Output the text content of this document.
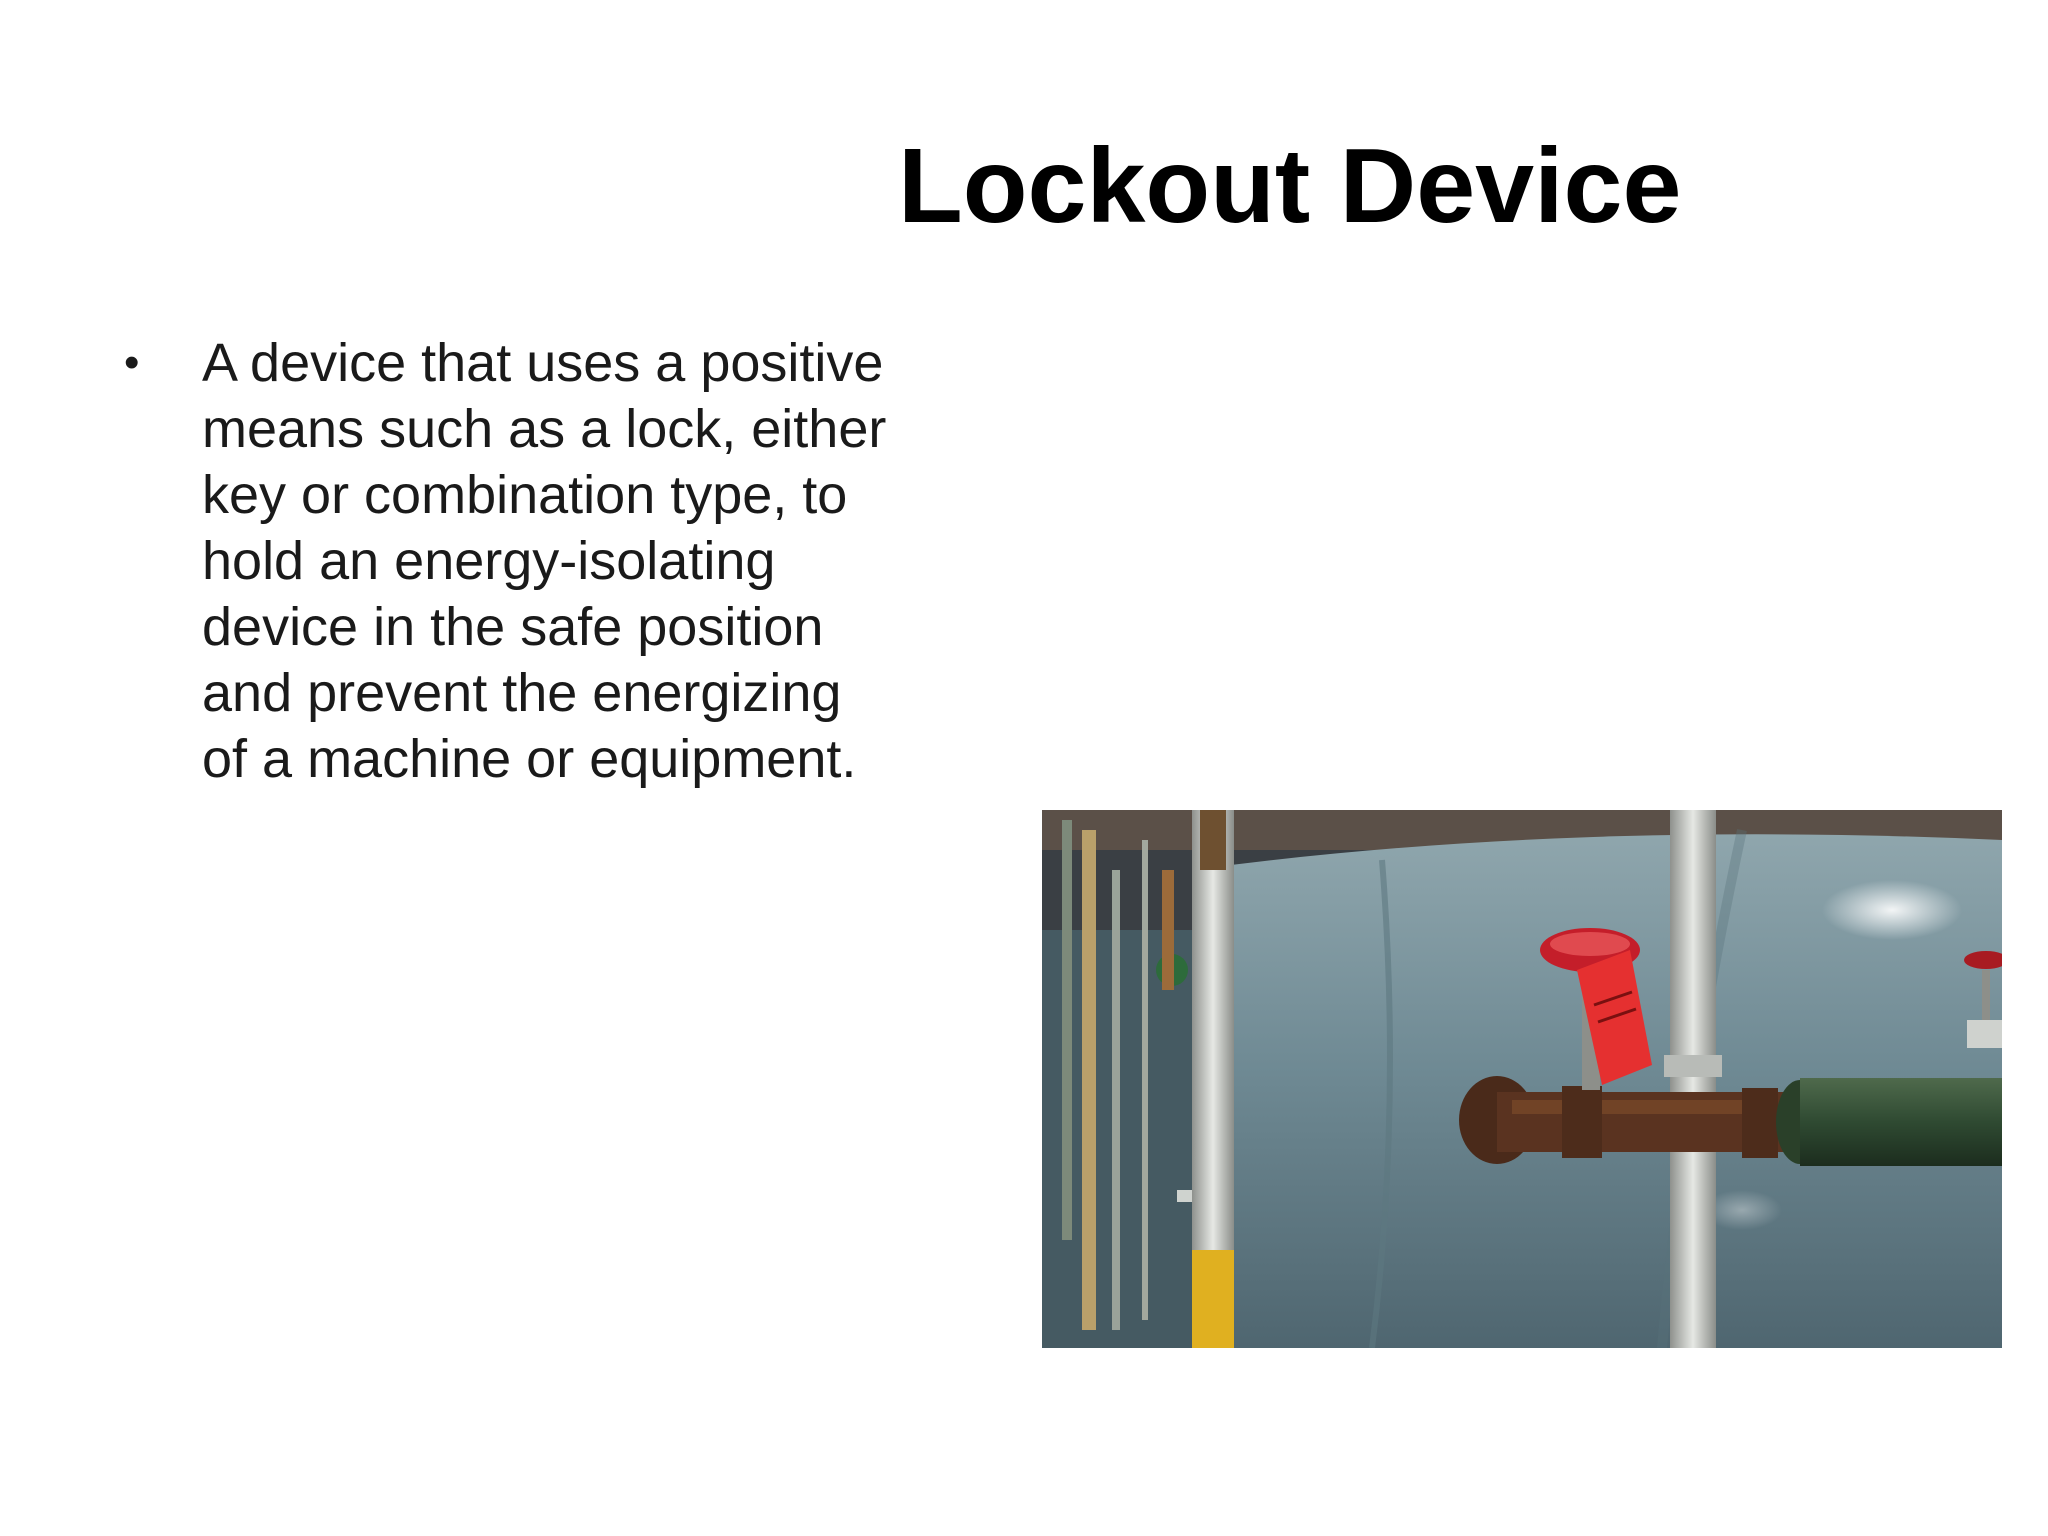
Lockout Device
• A device that uses a positive
means such as a lock, either
key or combination type, to
hold an energy-isolating
device in the safe position
and prevent the energizing
of a machine or equipment.
